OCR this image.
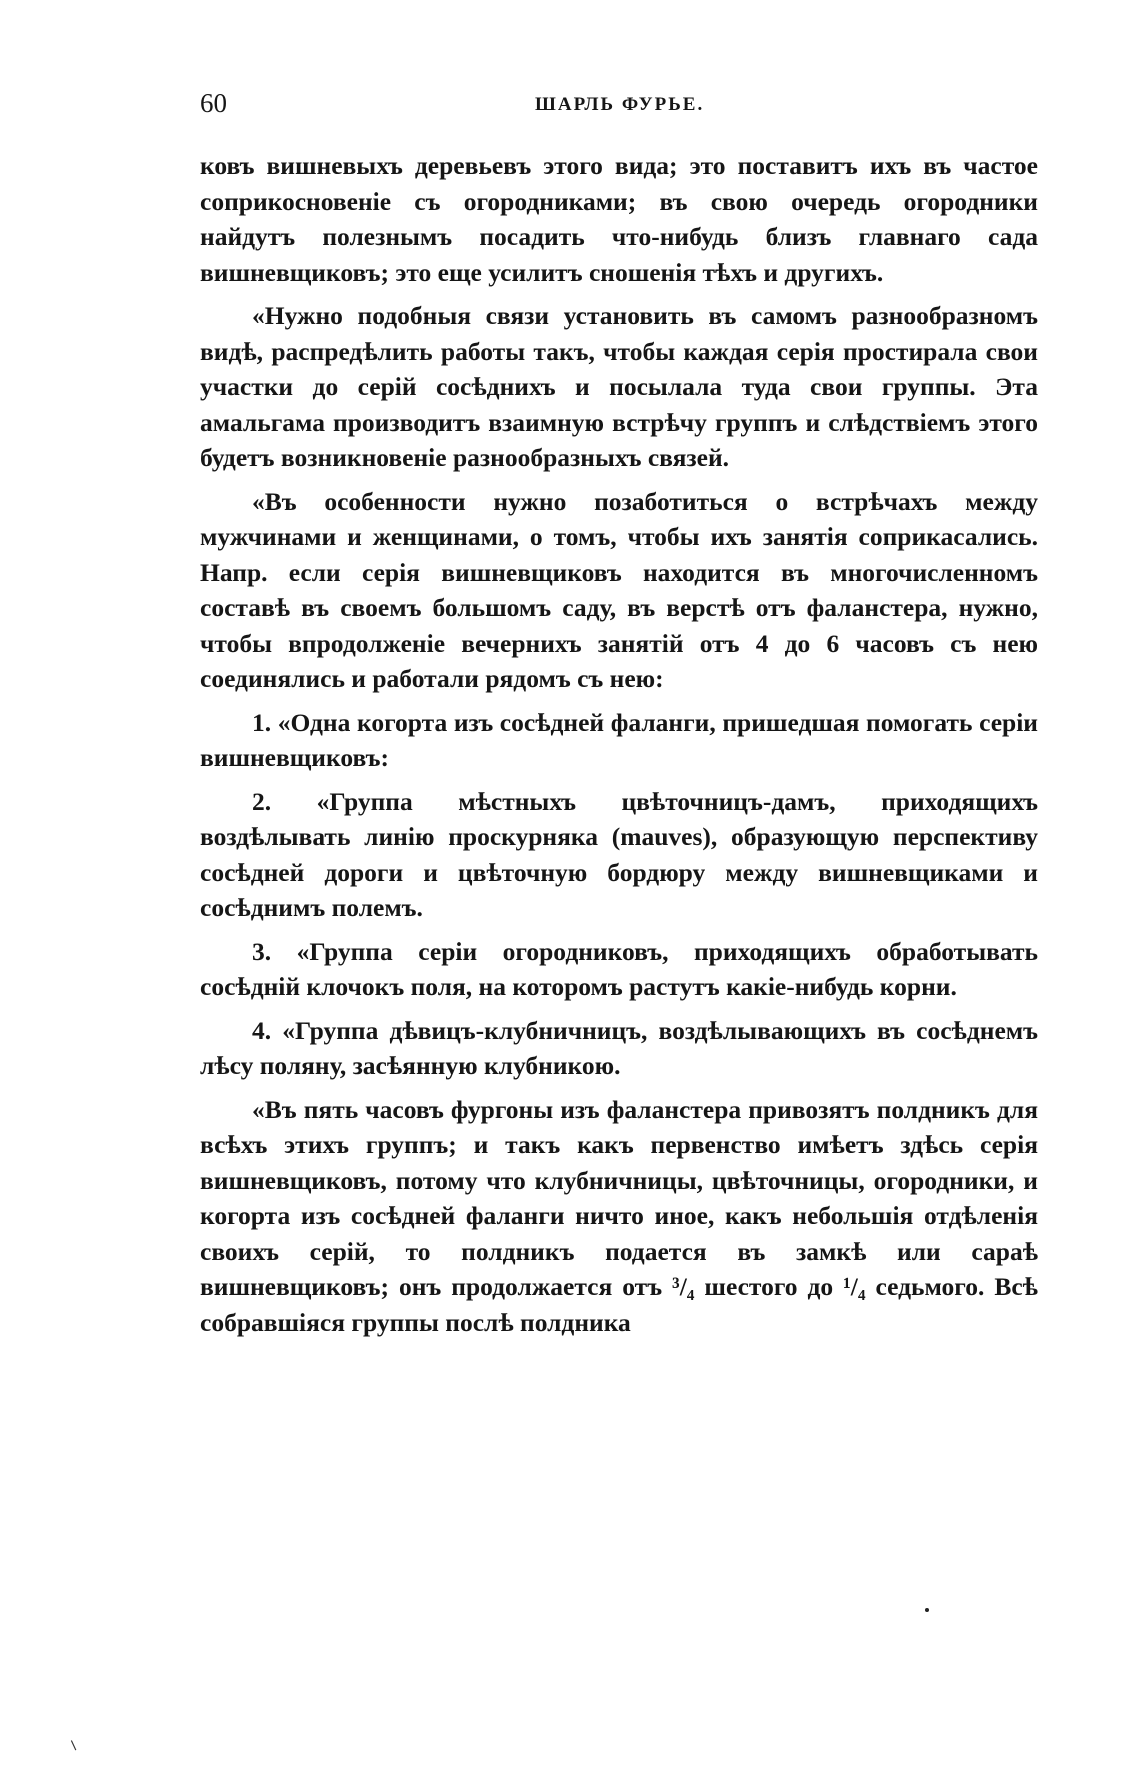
60	ШАРЛЬ ФУРЬЕ.

ковъ вишневыхъ деревьевъ этого вида; это поставитъ ихъ въ частое соприкосновеніе съ огородниками; въ свою очередь огородники найдутъ полезнымъ посадить что-нибудь близъ главнаго сада вишневщиковъ; это еще усилитъ сношенія тѣхъ и другихъ.

«Нужно подобныя связи установить въ самомъ разнообразномъ видѣ, распредѣлить работы такъ, чтобы каждая серія простирала свои участки до серій сосѣднихъ и посылала туда свои группы. Эта амальгама производитъ взаимную встрѣчу группъ и слѣдствіемъ этого будетъ возникновеніе разнообразныхъ связей.

«Въ особенности нужно позаботиться о встрѣчахъ между мужчинами и женщинами, о томъ, чтобы ихъ занятія соприкасались. Напр. если серія вишневщиковъ находится въ многочисленномъ составѣ въ своемъ большомъ саду, въ верстѣ отъ фаланстера, нужно, чтобы впродолженіе вечернихъ занятій отъ 4 до 6 часовъ съ нею соединялись и работали рядомъ съ нею:

1. «Одна когорта изъ сосѣдней фаланги, пришедшая помогать серіи вишневщиковъ:

2. «Группа мѣстныхъ цвѣточницъ-дамъ, приходящихъ воздѣлывать линію проскурняка (mauves), образующую перспективу сосѣдней дороги и цвѣточную бордюру между вишневщиками и сосѣднимъ полемъ.

3. «Группа серіи огородниковъ, приходящихъ обработывать сосѣдній клочокъ поля, на которомъ растутъ какіе-нибудь корни.

4. «Группа дѣвицъ-клубничницъ, воздѣлывающихъ въ сосѣднемъ лѣсу поляну, засѣянную клубникою.

«Въ пять часовъ фургоны изъ фаланстера привозятъ полдникъ для всѣхъ этихъ группъ; и такъ какъ первенство имѣетъ здѣсь серія вишневщиковъ, потому что клубничницы, цвѣточницы, огородники, и когорта изъ сосѣдней фаланги ничто иное, какъ небольшія отдѣленія своихъ серій, то полдникъ подается въ замкѣ или сараѣ вишневщиковъ; онъ продолжается отъ ³/₄ шестого до ¹/₄ седьмого. Всѣ собравшіяся группы послѣ полдника

⸜
